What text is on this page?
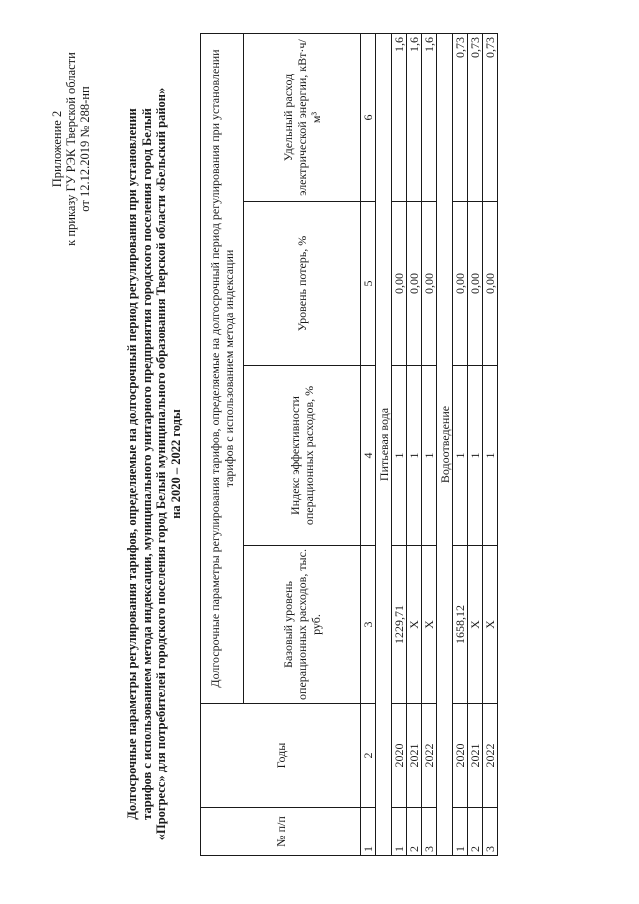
Приложение 2 к приказу ГУ РЭК Тверской области от 12.12.2019 № 288-нп	Долгосрочные параметры регулирования тарифов, определяемые на долгосрочный период регулирования при установлении тарифов с использованием метода индексации, муниципального унитарного предприятия городского поселения город Белый «Прогресс» для потребителей городского поселения город Белый муниципального образования Тверской области «Бельский район» на 2020 – 2022 годы
№ п/п	Годы	Долгосрочные параметры регулирования тарифов, определяемые на долгосрочный период регулирования при установлении тарифов с использованием метода индексации			
		Базовый уровень операционных расходов, тыс. руб.	Индекс эффективности операционных расходов, %	Уровень потерь, %	Удельный расход электрической энергии, кВт·ч/м³
1	2	3	4	5	6
Питьевая вода					
1	2020	1229,71	1	0,00	1,6
2	2021	Х	1	0,00	1,6
3	2022	Х	1	0,00	1,6
Водоотведение					
1	2020	1658,12	1	0,00	0,73
2	2021	Х	1	0,00	0,73
3	2022	Х	1	0,00	0,73
